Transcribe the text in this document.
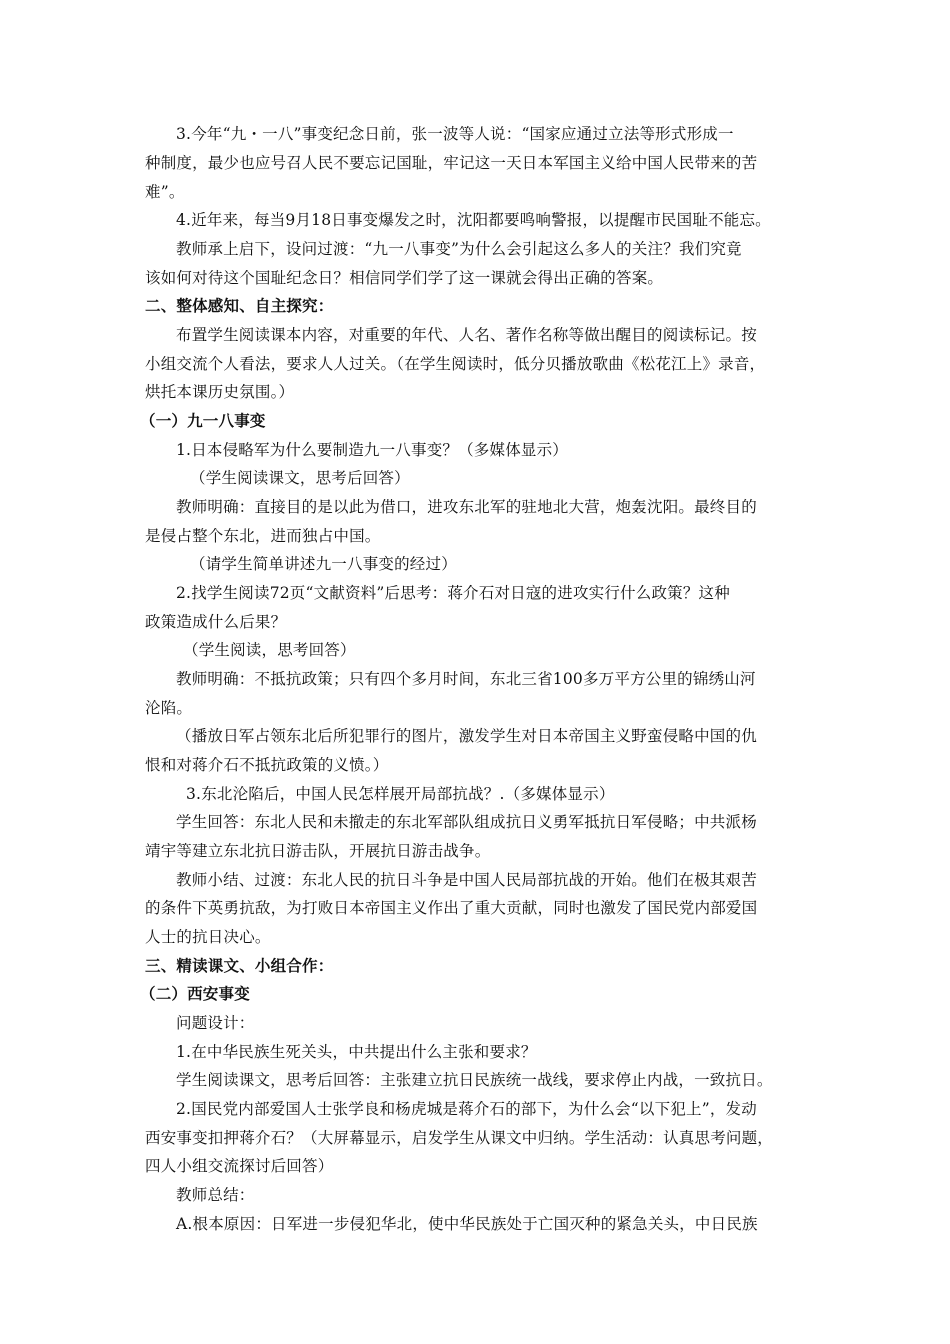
3.今年“九・一八”事变纪念日前，张一波等人说：“国家应通过立法等形式形成一
种制度，最少也应号召人民不要忘记国耻，牢记这一天日本军国主义给中国人民带来的苦
难”。
4.近年来，每当9月18日事变爆发之时，沈阳都要鸣响警报，以提醒市民国耻不能忘。
教师承上启下，设问过渡：“九一八事变”为什么会引起这么多人的关注？我们究竟
该如何对待这个国耻纪念日？相信同学们学了这一课就会得出正确的答案。
二、整体感知、自主探究：
布置学生阅读课本内容，对重要的年代、人名、著作名称等做出醒目的阅读标记。按
小组交流个人看法，要求人人过关。（在学生阅读时，低分贝播放歌曲《松花江上》录音，
烘托本课历史氛围。）
（一）九一八事变
1.日本侵略军为什么要制造九一八事变？（多媒体显示）
（学生阅读课文，思考后回答）
教师明确：直接目的是以此为借口，进攻东北军的驻地北大营，炮轰沈阳。最终目的
是侵占整个东北，进而独占中国。
（请学生简单讲述九一八事变的经过）
2.找学生阅读72页“文献资料”后思考：蒋介石对日寇的进攻实行什么政策？这种
政策造成什么后果？
（学生阅读，思考回答）
教师明确：不抵抗政策；只有四个多月时间，东北三省100多万平方公里的锦绣山河
沦陷。
（播放日军占领东北后所犯罪行的图片，激发学生对日本帝国主义野蛮侵略中国的仇
恨和对蒋介石不抵抗政策的义愤。）
3.东北沦陷后，中国人民怎样展开局部抗战？.（多媒体显示）
学生回答：东北人民和未撤走的东北军部队组成抗日义勇军抵抗日军侵略；中共派杨
靖宇等建立东北抗日游击队，开展抗日游击战争。
教师小结、过渡：东北人民的抗日斗争是中国人民局部抗战的开始。他们在极其艰苦
的条件下英勇抗敌，为打败日本帝国主义作出了重大贡献，同时也激发了国民党内部爱国
人士的抗日决心。
三、精读课文、小组合作：
（二）西安事变
问题设计：
1.在中华民族生死关头，中共提出什么主张和要求？
学生阅读课文，思考后回答：主张建立抗日民族统一战线，要求停止内战，一致抗日。
2.国民党内部爱国人士张学良和杨虎城是蒋介石的部下，为什么会“以下犯上”，发动
西安事变扣押蒋介石？（大屏幕显示，启发学生从课文中归纳。学生活动：认真思考问题，
四人小组交流探讨后回答）
教师总结：
A.根本原因：日军进一步侵犯华北，使中华民族处于亡国灭种的紧急关头，中日民族
